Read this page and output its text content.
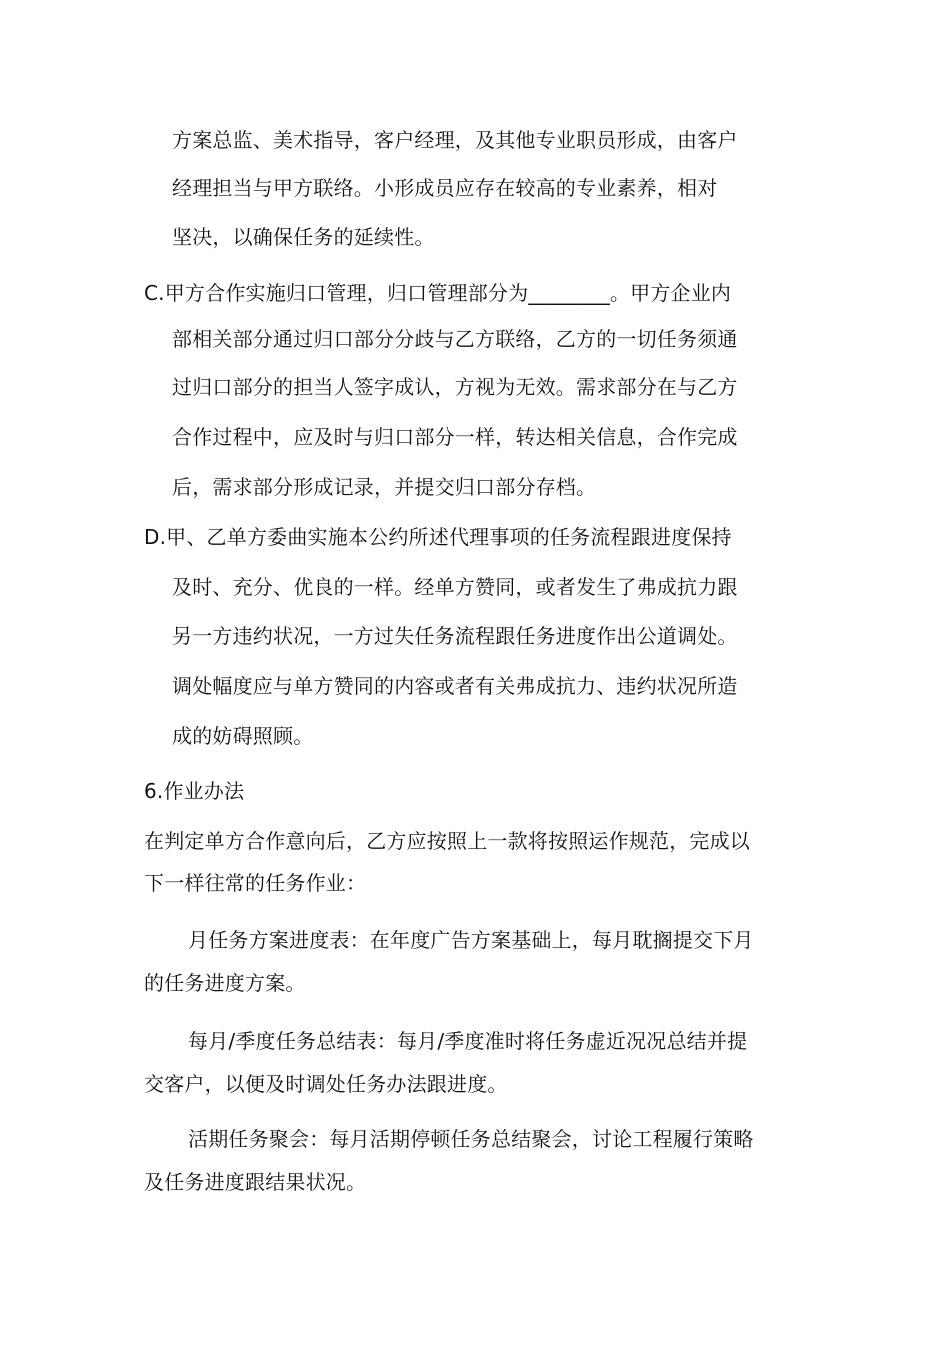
方案总监、美术指导，客户经理，及其他专业职员形成，由客户
经理担当与甲方联络。小形成员应存在较高的专业素养，相对
坚决，以确保任务的延续性。
C.甲方合作实施归口管理，归口管理部分为________。甲方企业内
部相关部分通过归口部分分歧与乙方联络，乙方的一切任务须通
过归口部分的担当人签字成认，方视为无效。需求部分在与乙方
合作过程中，应及时与归口部分一样，转达相关信息，合作完成
后，需求部分形成记录，并提交归口部分存档。
D.甲、乙单方委曲实施本公约所述代理事项的任务流程跟进度保持
及时、充分、优良的一样。经单方赞同，或者发生了弗成抗力跟
另一方违约状况，一方过失任务流程跟任务进度作出公道调处。
调处幅度应与单方赞同的内容或者有关弗成抗力、违约状况所造
成的妨碍照顾。
6.作业办法
在判定单方合作意向后，乙方应按照上一款将按照运作规范，完成以
下一样往常的任务作业：
月任务方案进度表：在年度广告方案基础上，每月耽搁提交下月
的任务进度方案。
每月/季度任务总结表：每月/季度准时将任务虚近况况总结并提
交客户，以便及时调处任务办法跟进度。
活期任务聚会：每月活期停顿任务总结聚会，讨论工程履行策略
及任务进度跟结果状况。
